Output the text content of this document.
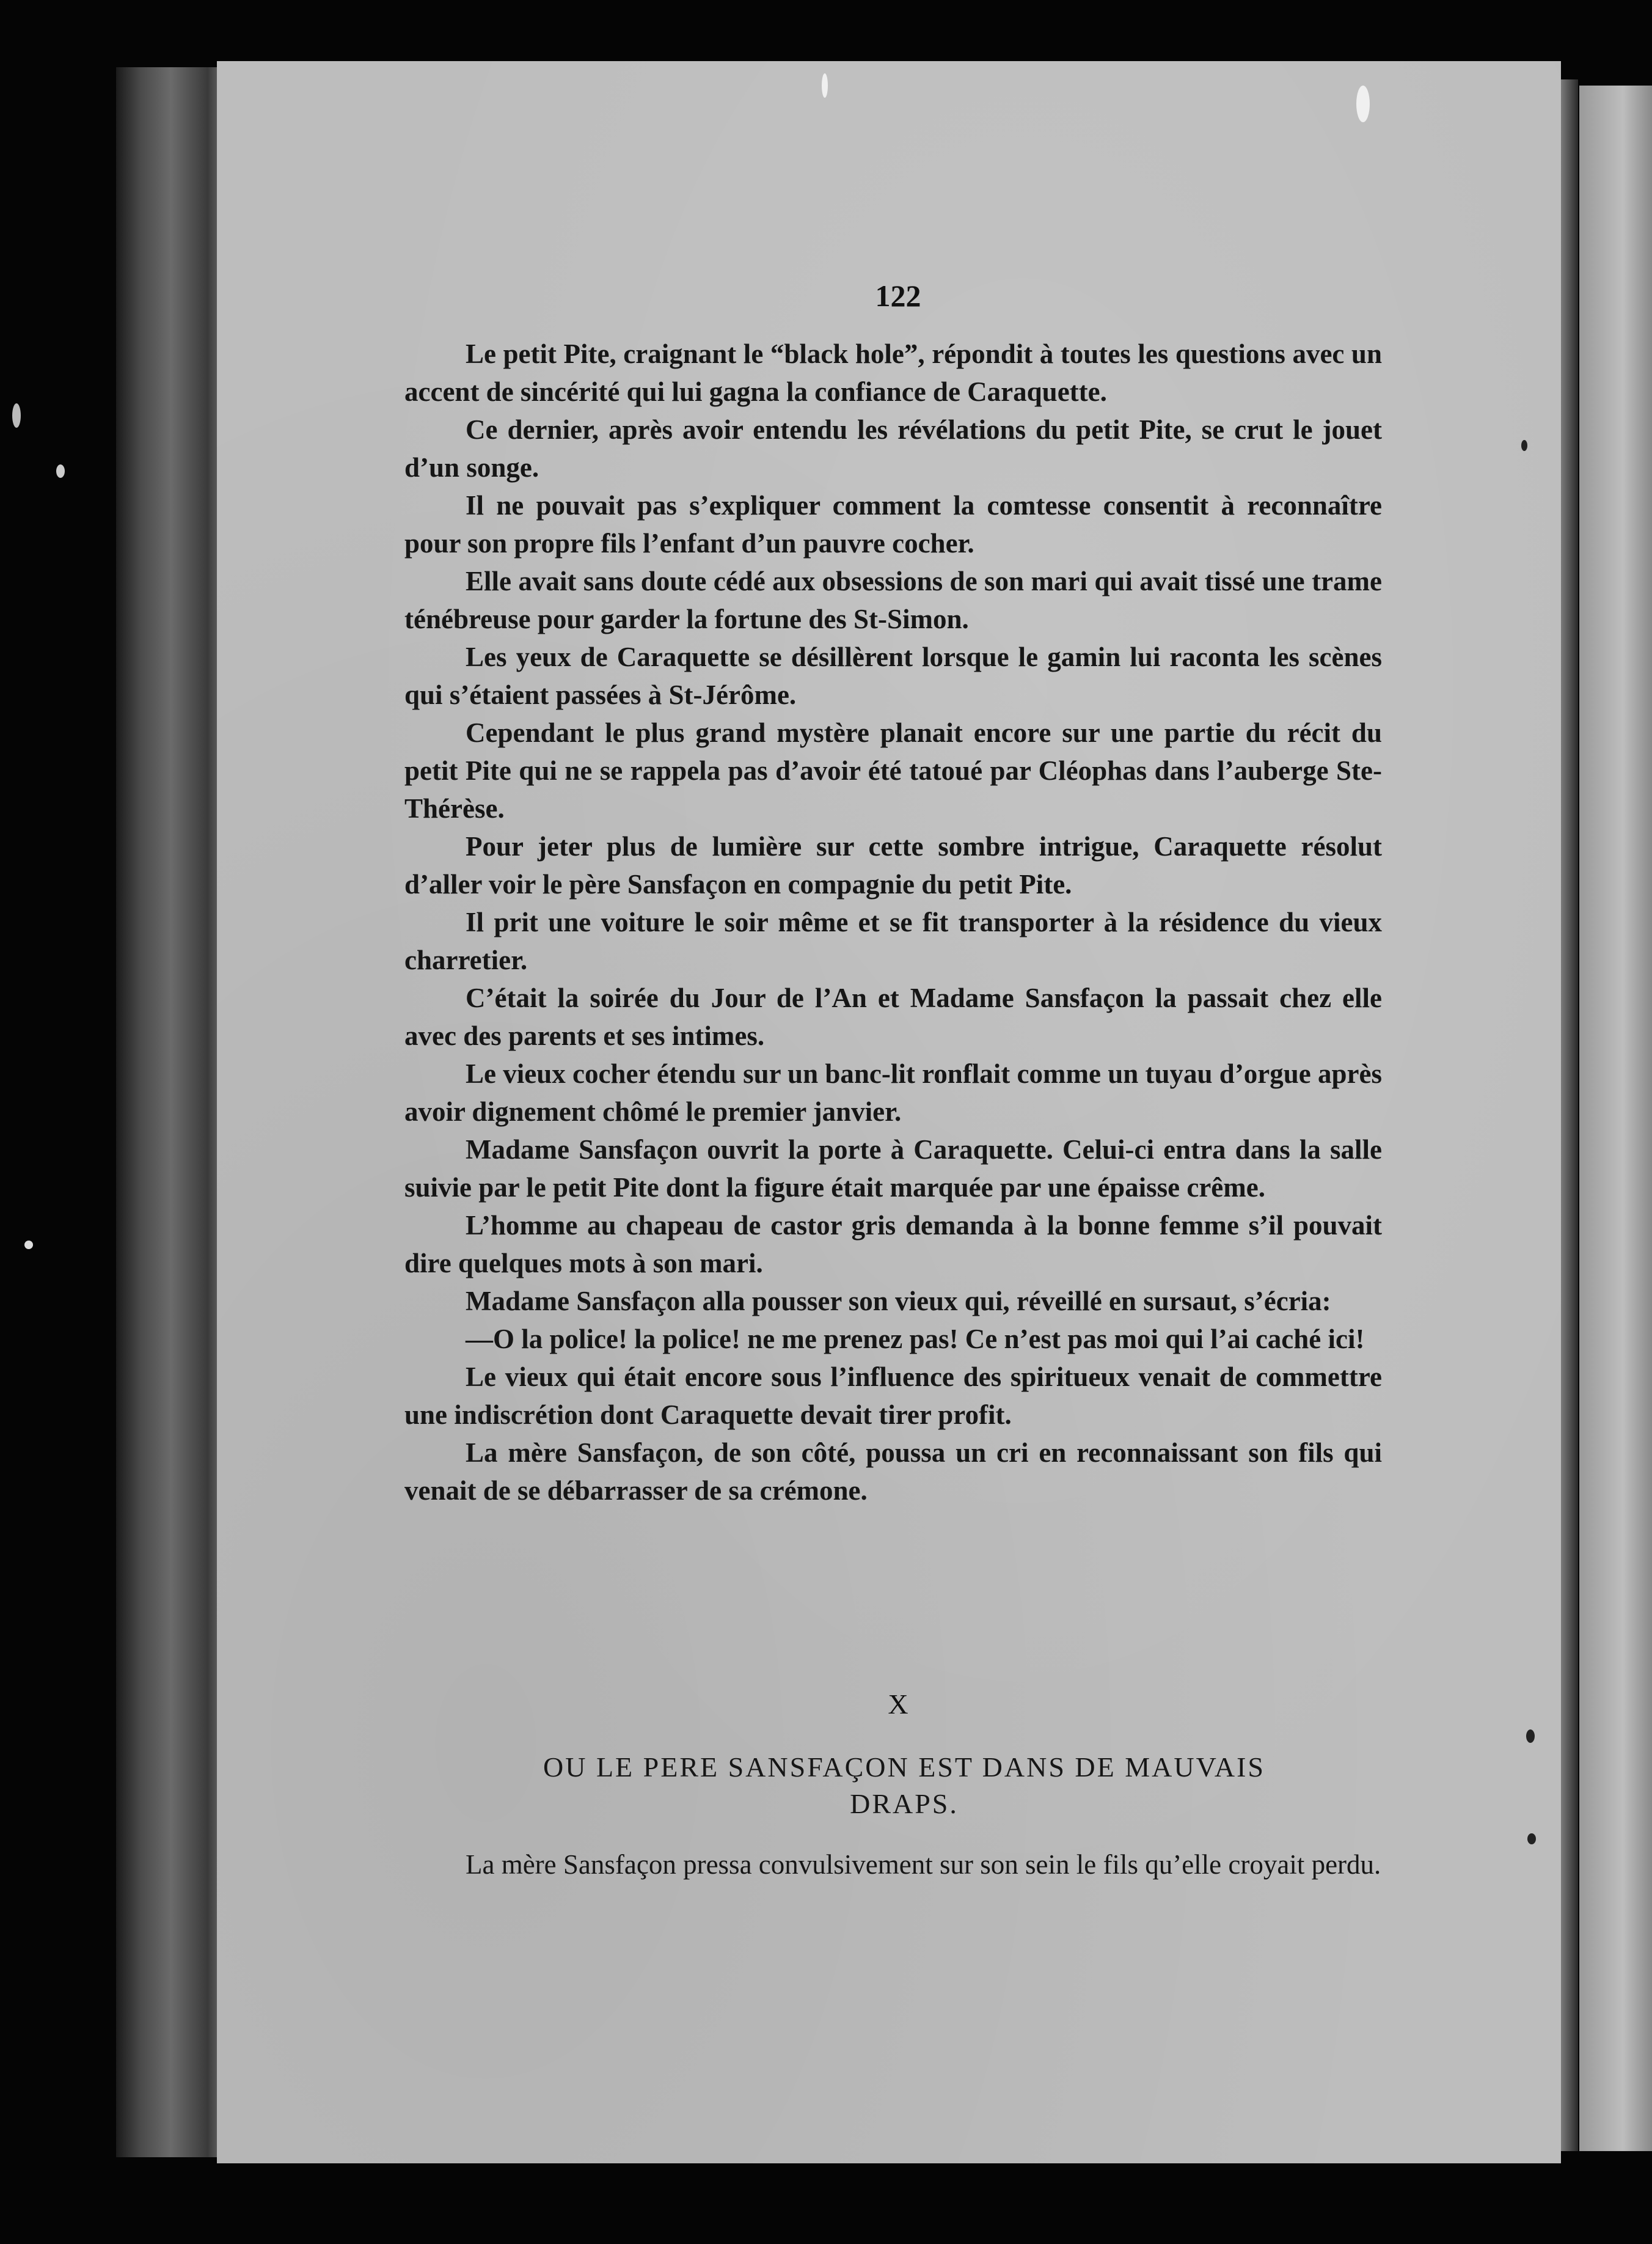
122

Le petit Pite, craignant le “black hole”, répondit à toutes les questions avec un accent de sincérité qui lui gagna la confiance de Caraquette.

Ce dernier, après avoir entendu les révélations du petit Pite, se crut le jouet d’un songe.

Il ne pouvait pas s’expliquer comment la comtesse consentit à reconnaître pour son propre fils l’enfant d’un pauvre cocher.

Elle avait sans doute cédé aux obsessions de son mari qui avait tissé une trame ténébreuse pour garder la fortune des St-Simon.

Les yeux de Caraquette se désillèrent lorsque le gamin lui raconta les scènes qui s’étaient passées à St-Jérôme.

Cependant le plus grand mystère planait encore sur une partie du récit du petit Pite qui ne se rappela pas d’avoir été tatoué par Cléophas dans l’auberge Ste-Thérèse.

Pour jeter plus de lumière sur cette sombre intrigue, Caraquette résolut d’aller voir le père Sansfaçon en compagnie du petit Pite.

Il prit une voiture le soir même et se fit transporter à la résidence du vieux charretier.

C’était la soirée du Jour de l’An et Madame Sansfaçon la passait chez elle avec des parents et ses intimes.

Le vieux cocher étendu sur un banc-lit ronflait comme un tuyau d’orgue après avoir dignement chômé le premier janvier.

Madame Sansfaçon ouvrit la porte à Caraquette. Celui-ci entra dans la salle suivie par le petit Pite dont la figure était marquée par une épaisse crême.

L’homme au chapeau de castor gris demanda à la bonne femme s’il pouvait dire quelques mots à son mari.

Madame Sansfaçon alla pousser son vieux qui, réveillé en sursaut, s’écria:

—O la police! la police! ne me prenez pas! Ce n’est pas moi qui l’ai caché ici!

Le vieux qui était encore sous l’influence des spiritueux venait de commettre une indiscrétion dont Caraquette devait tirer profit.

La mère Sansfaçon, de son côté, poussa un cri en reconnaissant son fils qui venait de se débarrasser de sa crémone.

X
OU LE PERE SANSFAÇON EST DANS DE MAUVAIS
DRAPS.

La mère Sansfaçon pressa convulsivement sur son sein le fils qu’elle croyait perdu.
